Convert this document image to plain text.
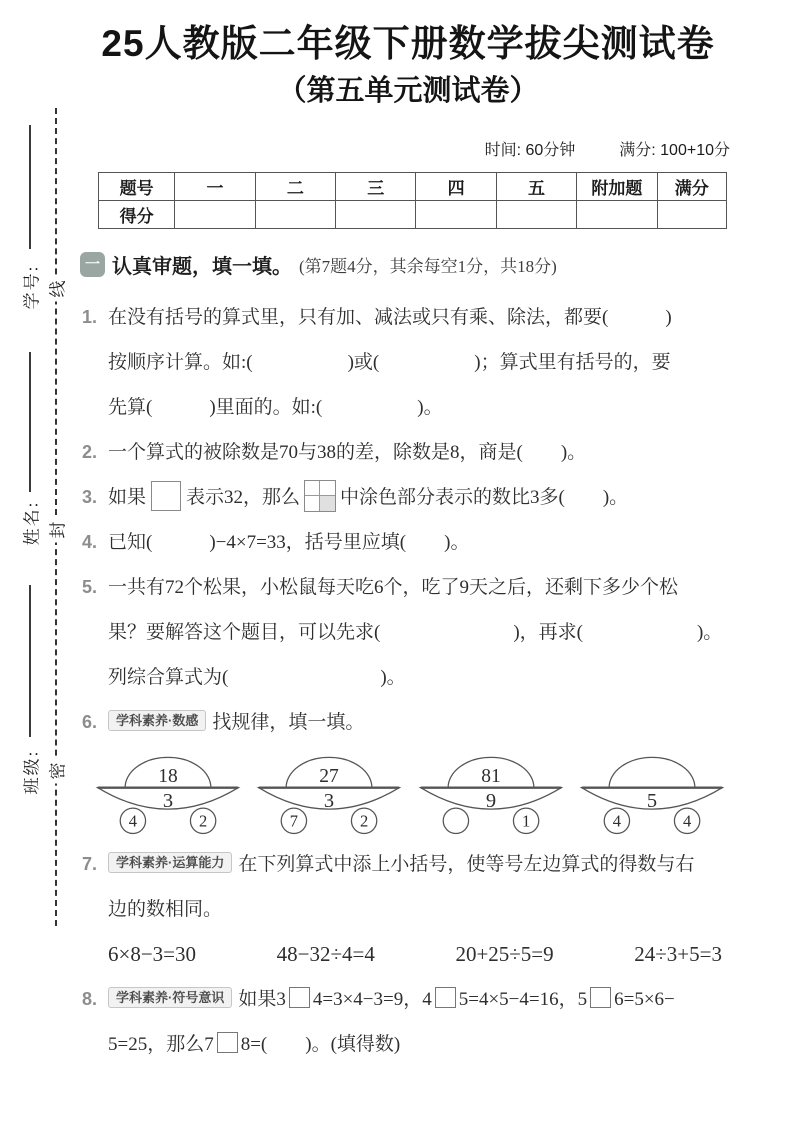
学号:
姓名:
班级:
线
封
密
25人教版二年级下册数学拔尖测试卷
（第五单元测试卷）
时间: 60分钟	满分: 100+10分
题号	一	二	三	四	五	附加题	满分
得分							
一 认真审题，填一填。 (第7题4分，其余每空1分，共18分)
1. 在没有括号的算式里，只有加、减法或只有乘、除法，都要(　　　)
按顺序计算。如:(　　　　　)或(　　　　　)；算式里有括号的，要
先算(　　　)里面的。如:(　　　　　)。
2. 一个算式的被除数是70与38的差，除数是8，商是(　　)。
3. 如果 表示32，那么 中涂色部分表示的数比3多(　　)。
4. 已知(　　　)−4×7=33，括号里应填(　　)。
5. 一共有72个松果，小松鼠每天吃6个，吃了9天之后，还剩下多少个松
果？要解答这个题目，可以先求(　　　　　　　)，再求(　　　　　　)。
列综合算式为(　　　　　　　　)。
6.	学科素养·数感 找规律，填一填。
18
3
4	2
27
3
7	2
81
9
1
5
4	4
7.	学科素养·运算能力 在下列算式中添上小括号，使等号左边算式的得数与右
边的数相同。
6×8−3=30	48−32÷4=4	20+25÷5=9	24÷3+5=3
8.	学科素养·符号意识 如果3 4=3×4−3=9，4 5=4×5−4=16，5 6=5×6−
5=25，那么7 8=(　　)。(填得数)
